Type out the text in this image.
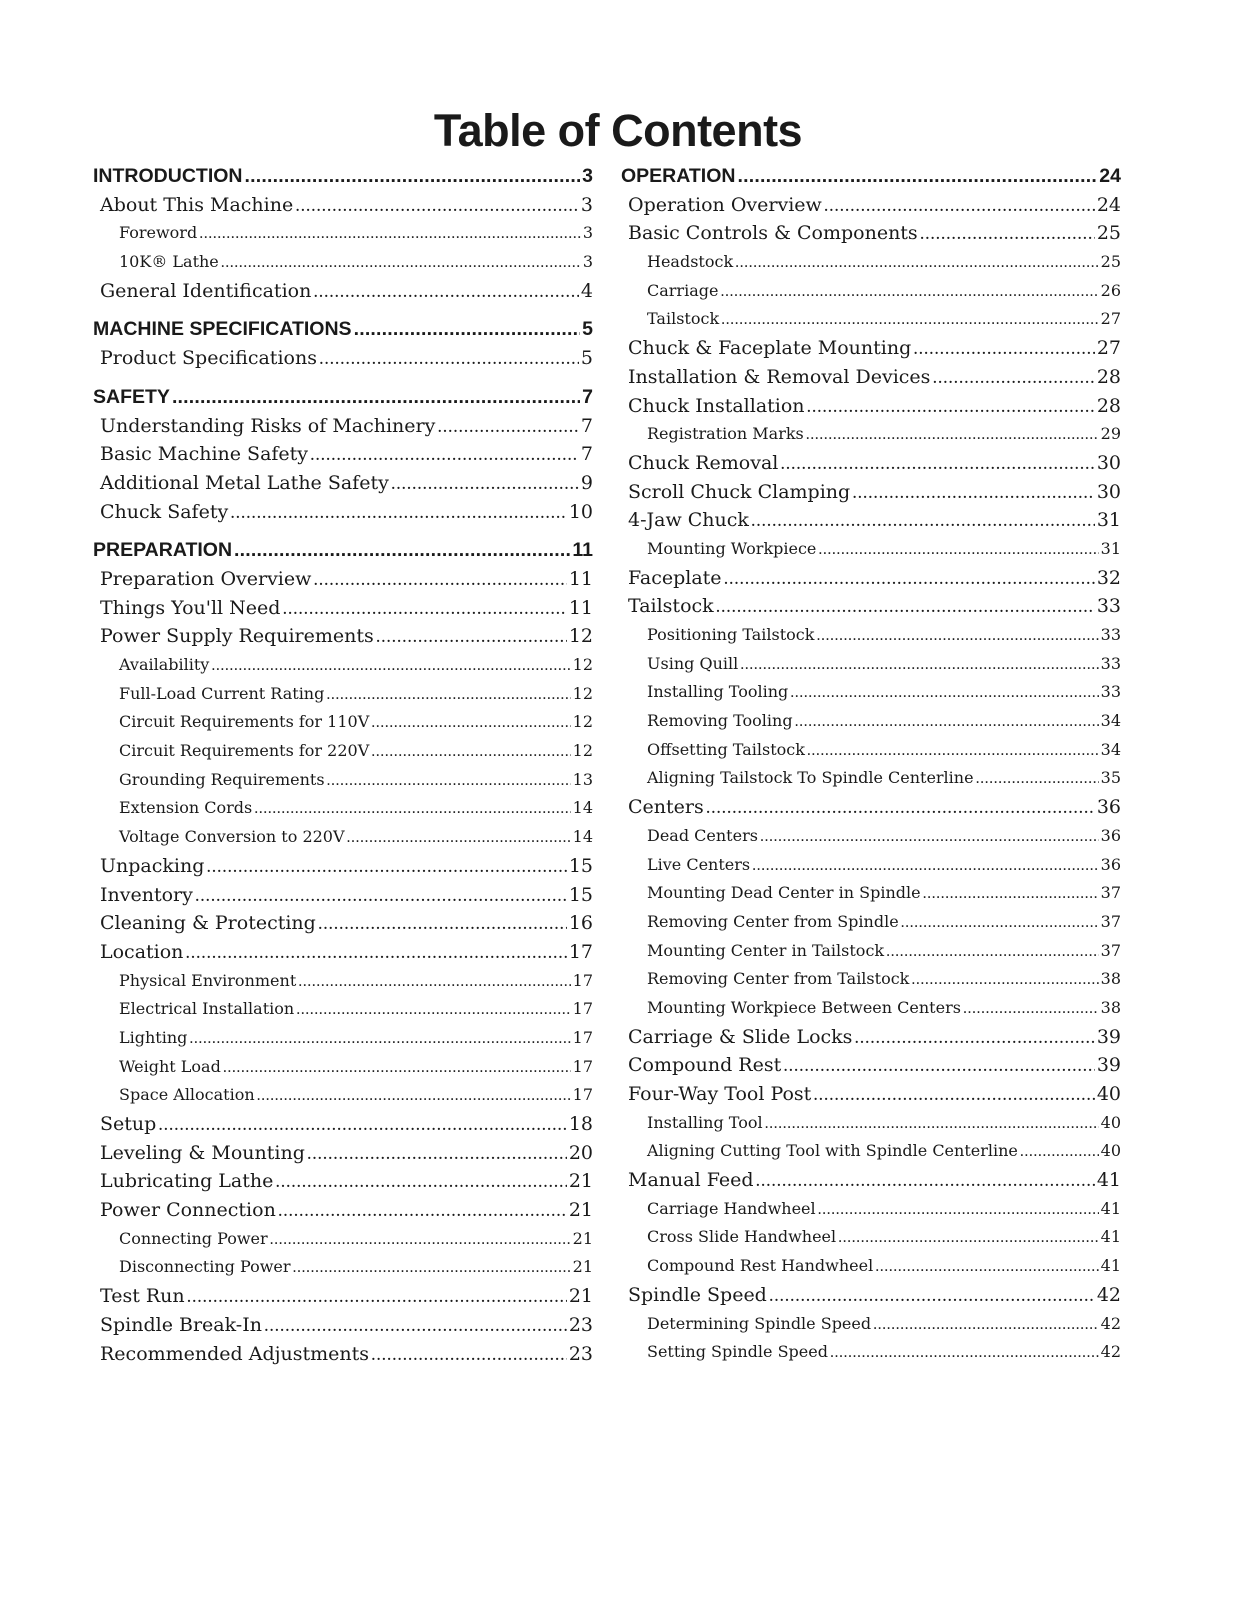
Table of Contents
INTRODUCTION .....	3
About This Machine .....	3
Foreword .....	3
10K® Lathe .....	3
General Identification .....	4
MACHINE SPECIFICATIONS .....	5
Product Specifications .....	5
SAFETY .....	7
Understanding Risks of Machinery .....	7
Basic Machine Safety .....	7
Additional Metal Lathe Safety .....	9
Chuck Safety .....	10
PREPARATION .....	11
Preparation Overview .....	11
Things You'll Need .....	11
Power Supply Requirements .....	12
Availability .....	12
Full-Load Current Rating .....	12
Circuit Requirements for 110V .....	12
Circuit Requirements for 220V .....	12
Grounding Requirements .....	13
Extension Cords .....	14
Voltage Conversion to 220V .....	14
Unpacking .....	15
Inventory .....	15
Cleaning & Protecting .....	16
Location .....	17
Physical Environment .....	17
Electrical Installation .....	17
Lighting .....	17
Weight Load .....	17
Space Allocation .....	17
Setup .....	18
Leveling & Mounting .....	20
Lubricating Lathe .....	21
Power Connection .....	21
Connecting Power .....	21
Disconnecting Power .....	21
Test Run .....	21
Spindle Break-In .....	23
Recommended Adjustments .....	23
OPERATION .....	24
Operation Overview .....	24
Basic Controls & Components .....	25
Headstock .....	25
Carriage .....	26
Tailstock .....	27
Chuck & Faceplate Mounting .....	27
Installation & Removal Devices .....	28
Chuck Installation .....	28
Registration Marks .....	29
Chuck Removal .....	30
Scroll Chuck Clamping .....	30
4-Jaw Chuck .....	31
Mounting Workpiece .....	31
Faceplate .....	32
Tailstock .....	33
Positioning Tailstock .....	33
Using Quill .....	33
Installing Tooling .....	33
Removing Tooling .....	34
Offsetting Tailstock .....	34
Aligning Tailstock To Spindle Centerline .....	35
Centers .....	36
Dead Centers .....	36
Live Centers .....	36
Mounting Dead Center in Spindle .....	37
Removing Center from Spindle .....	37
Mounting Center in Tailstock .....	37
Removing Center from Tailstock .....	38
Mounting Workpiece Between Centers .....	38
Carriage & Slide Locks .....	39
Compound Rest .....	39
Four-Way Tool Post .....	40
Installing Tool .....	40
Aligning Cutting Tool with Spindle Centerline .....	40
Manual Feed .....	41
Carriage Handwheel .....	41
Cross Slide Handwheel .....	41
Compound Rest Handwheel .....	41
Spindle Speed .....	42
Determining Spindle Speed .....	42
Setting Spindle Speed .....	42
